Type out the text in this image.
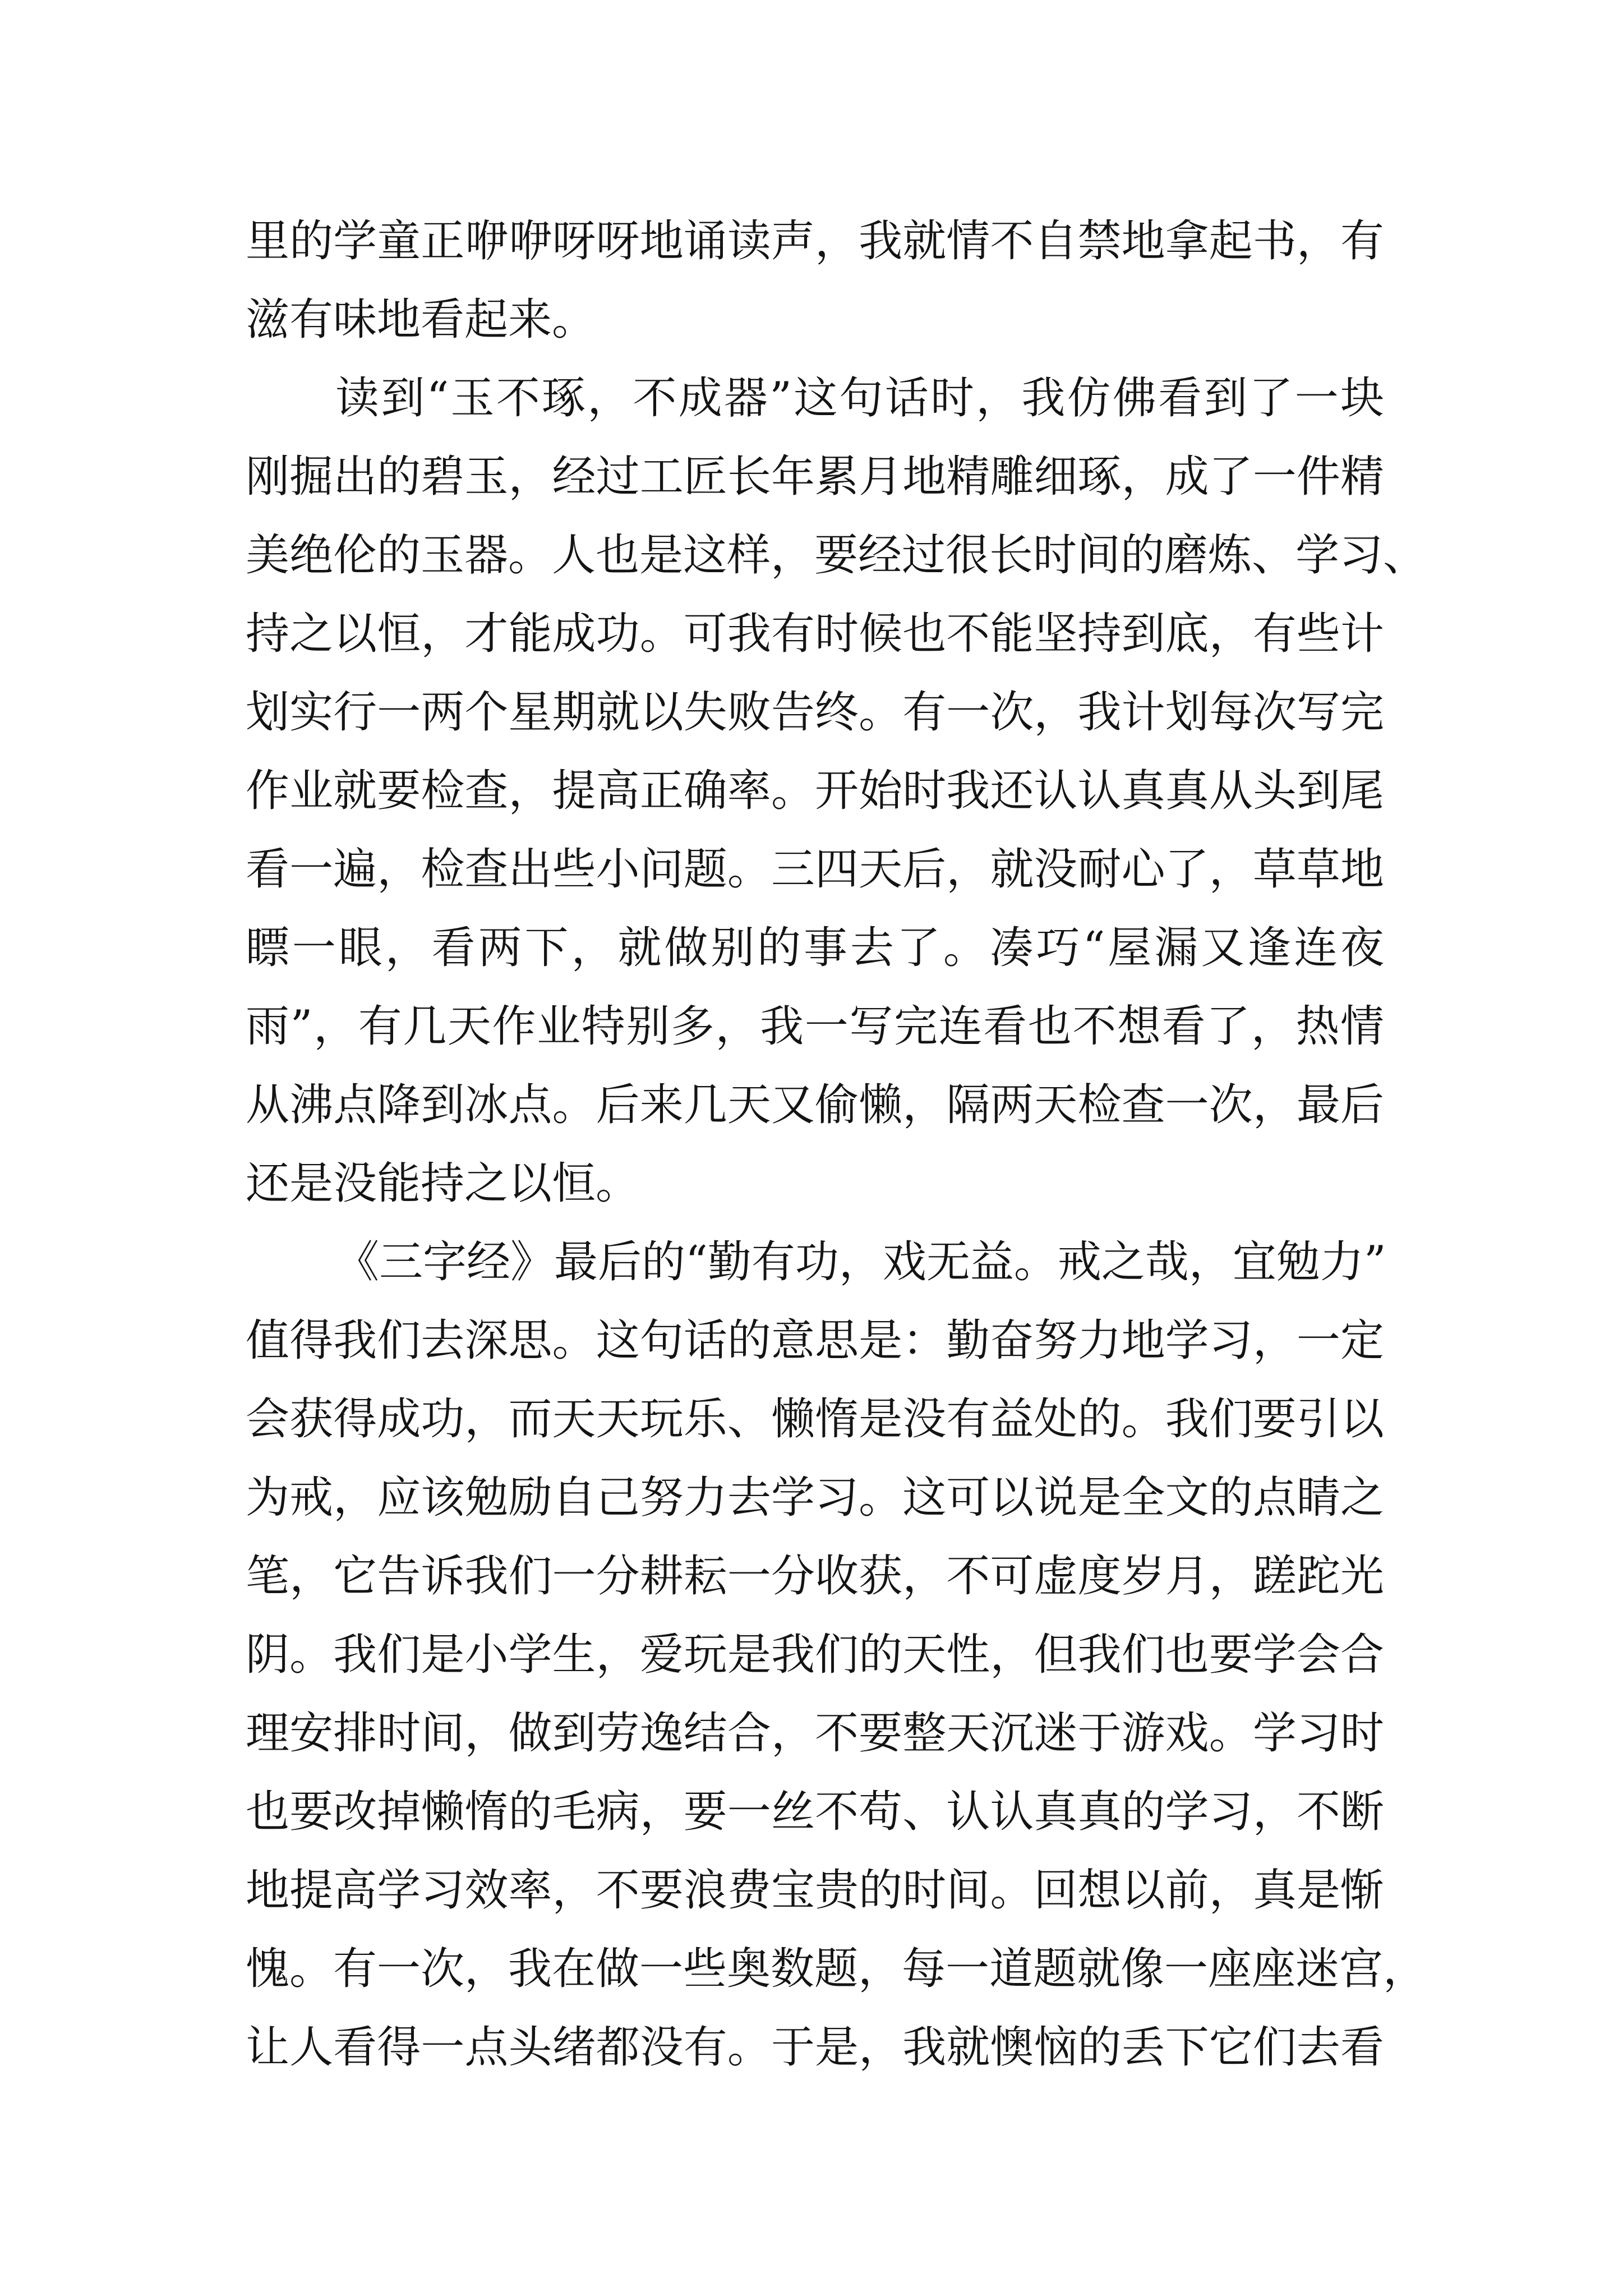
里的学童正咿咿呀呀地诵读声，我就情不自禁地拿起书，有
滋有味地看起来。
读到“玉不琢，不成器”这句话时，我仿佛看到了一块
刚掘出的碧玉，经过工匠长年累月地精雕细琢，成了一件精
美绝伦的玉器。人也是这样，要经过很长时间的磨炼、学习、
持之以恒，才能成功。可我有时候也不能坚持到底，有些计
划实行一两个星期就以失败告终。有一次，我计划每次写完
作业就要检查，提高正确率。开始时我还认认真真从头到尾
看一遍，检查出些小问题。三四天后，就没耐心了，草草地
瞟一眼，看两下，就做别的事去了。凑巧“屋漏又逢连夜
雨”，有几天作业特别多，我一写完连看也不想看了，热情
从沸点降到冰点。后来几天又偷懒，隔两天检查一次，最后
还是没能持之以恒。
《三字经》最后的“勤有功，戏无益。戒之哉，宜勉力”
值得我们去深思。这句话的意思是：勤奋努力地学习，一定
会获得成功，而天天玩乐、懒惰是没有益处的。我们要引以
为戒，应该勉励自己努力去学习。这可以说是全文的点睛之
笔，它告诉我们一分耕耘一分收获，不可虚度岁月，蹉跎光
阴。我们是小学生，爱玩是我们的天性，但我们也要学会合
理安排时间，做到劳逸结合，不要整天沉迷于游戏。学习时
也要改掉懒惰的毛病，要一丝不苟、认认真真的学习，不断
地提高学习效率，不要浪费宝贵的时间。回想以前，真是惭
愧。有一次，我在做一些奥数题，每一道题就像一座座迷宫，
让人看得一点头绪都没有。于是，我就懊恼的丢下它们去看
